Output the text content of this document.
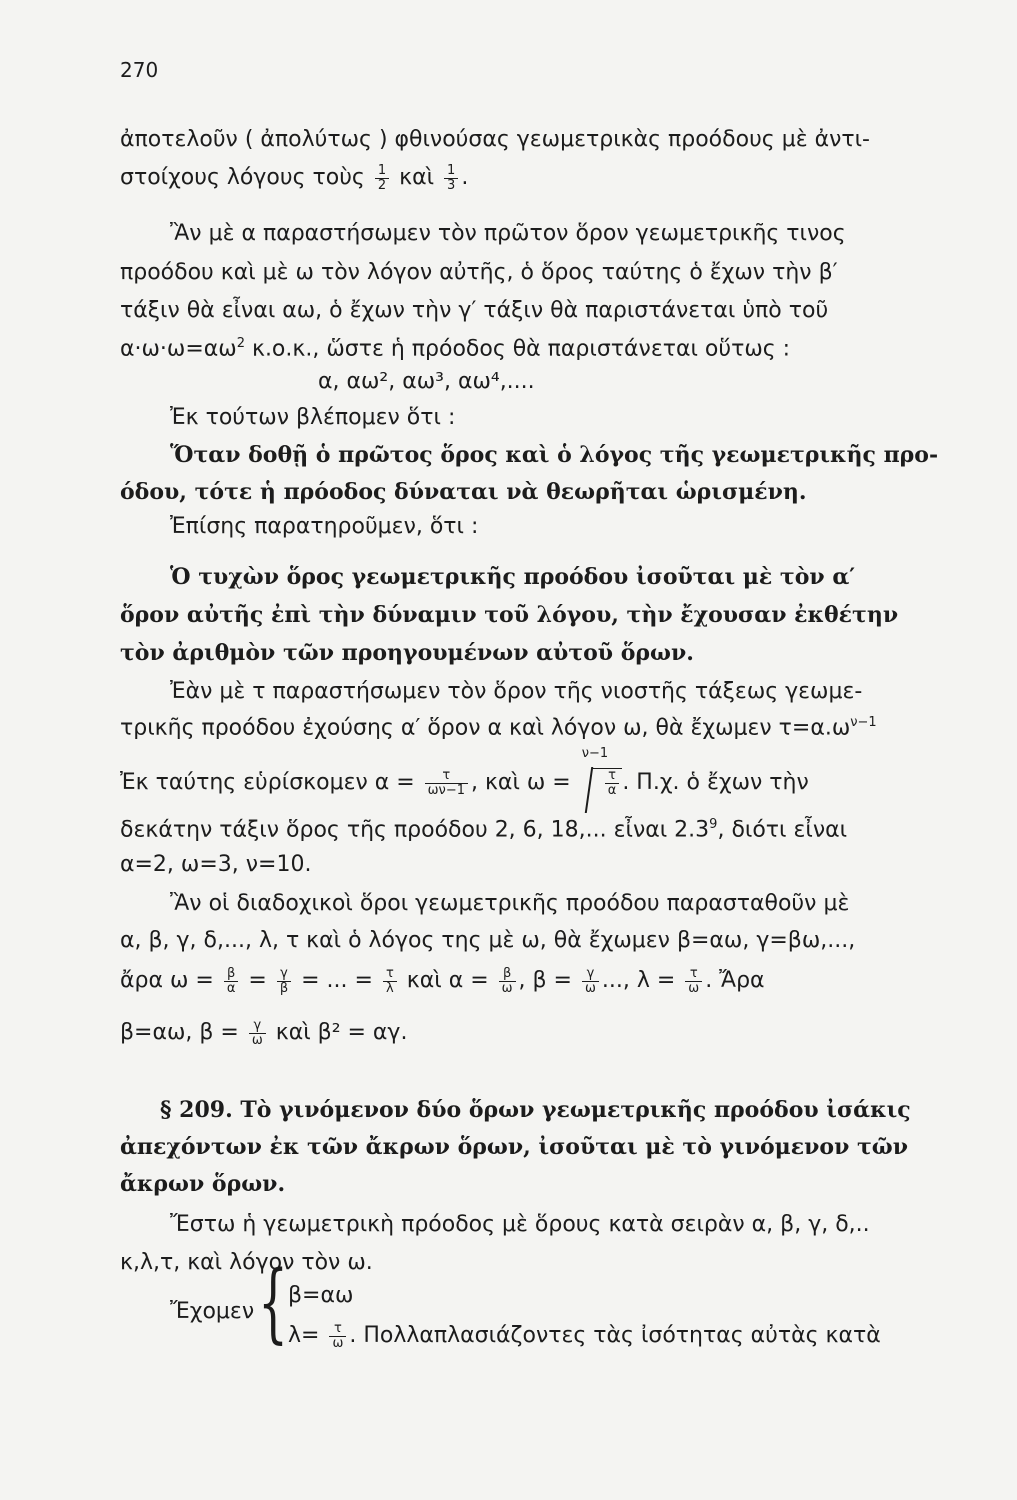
270
ἀποτελοῦν ( ἀπολύτως ) φθινούσας γεωμετρικὰς προόδους μὲ ἀντι-
στοίχους λόγους τοὺς $\frac{1}{2}$ καὶ $\frac{1}{3}$ .
Ἂν μὲ α παραστήσωμεν τὸν πρῶτον ὅρον γεωμετρικῆς τινος
προόδου καὶ μὲ ω τὸν λόγον αὐτῆς, ὁ ὅρος ταύτης ὁ ἔχων τὴν β′
τάξιν θὰ εἶναι αω, ὁ ἔχων τὴν γ′ τάξιν θὰ παριστάνεται ὑπὸ τοῦ
$\alpha\cdot\omega\cdot\omega=\alpha\omega^2$ κ.ο.κ., ὥστε ἡ πρόοδος θὰ παριστάνεται οὕτως :
α, αω², αω³, αω⁴,....
Ἐκ τούτων βλέπομεν ὅτι :
Ὅταν δοθῇ ὁ πρῶτος ὅρος καὶ ὁ λόγος τῆς γεωμετρικῆς προ-
όδου, τότε ἡ πρόοδος δύναται νὰ θεωρῆται ὡρισμένη.
Ἐπίσης παρατηροῦμεν, ὅτι :
Ὁ τυχὼν ὅρος γεωμετρικῆς προόδου ἰσοῦται μὲ τὸν α′
ὅρον αὐτῆς ἐπὶ τὴν δύναμιν τοῦ λόγου, τὴν ἔχουσαν ἐκθέτην
τὸν ἀριθμὸν τῶν προηγουμένων αὐτοῦ ὅρων.
Ἐὰν μὲ τ παραστήσωμεν τὸν ὅρον τῆς νιοστῆς τάξεως γεωμε-
τρικῆς προόδου ἐχούσης α′ ὅρον α καὶ λόγον ω, θὰ ἔχωμεν $\tau=\alpha.\omega^{\nu-1}$
Ἐκ ταύτης εὑρίσκομεν $\alpha = \frac{\tau}{\omega\nu-1}$ , καὶ ω =
ν−1
$\frac{\tau}{\alpha}$ . Π.χ. ὁ ἔχων τὴν
δεκάτην τάξιν ὅρος τῆς προόδου 2, 6, 18,... εἶναι $2.3^9$, διότι εἶναι
α=2, ω=3, ν=10.
Ἂν οἱ διαδοχικοὶ ὅροι γεωμετρικῆς προόδου παρασταθοῦν μὲ
α, β, γ, δ,..., λ, τ καὶ ὁ λόγος της μὲ ω, θὰ ἔχωμεν β=αω, γ=βω,...,
ἄρα $\omega = \frac{\beta}{\alpha} = \frac{\gamma}{\beta}$ = ... = $\frac{\tau}{\lambda}$ καὶ $\alpha = \frac{\beta}{\omega}$ , $\beta = \frac{\gamma}{\omega}$ ..., $\lambda = \frac{\tau}{\omega}$ . Ἄρα
β=αω, $\beta = \frac{\gamma}{\omega}$ καὶ β² = αγ.
§ 209. Τὸ γινόμενον δύο ὅρων γεωμετρικῆς προόδου ἰσάκις
ἀπεχόντων ἐκ τῶν ἄκρων ὅρων, ἰσοῦται μὲ τὸ γινόμενον τῶν
ἄκρων ὅρων.
Ἔστω ἡ γεωμετρικὴ πρόοδος μὲ ὅρους κατὰ σειρὰν α, β, γ, δ,..
κ,λ,τ, καὶ λόγον τὸν ω.
Ἔχομεν { β=αω
$\lambda= \frac{\tau}{\omega}$ . Πολλαπλασιάζοντες τὰς ἰσότητας αὐτὰς κατὰ
